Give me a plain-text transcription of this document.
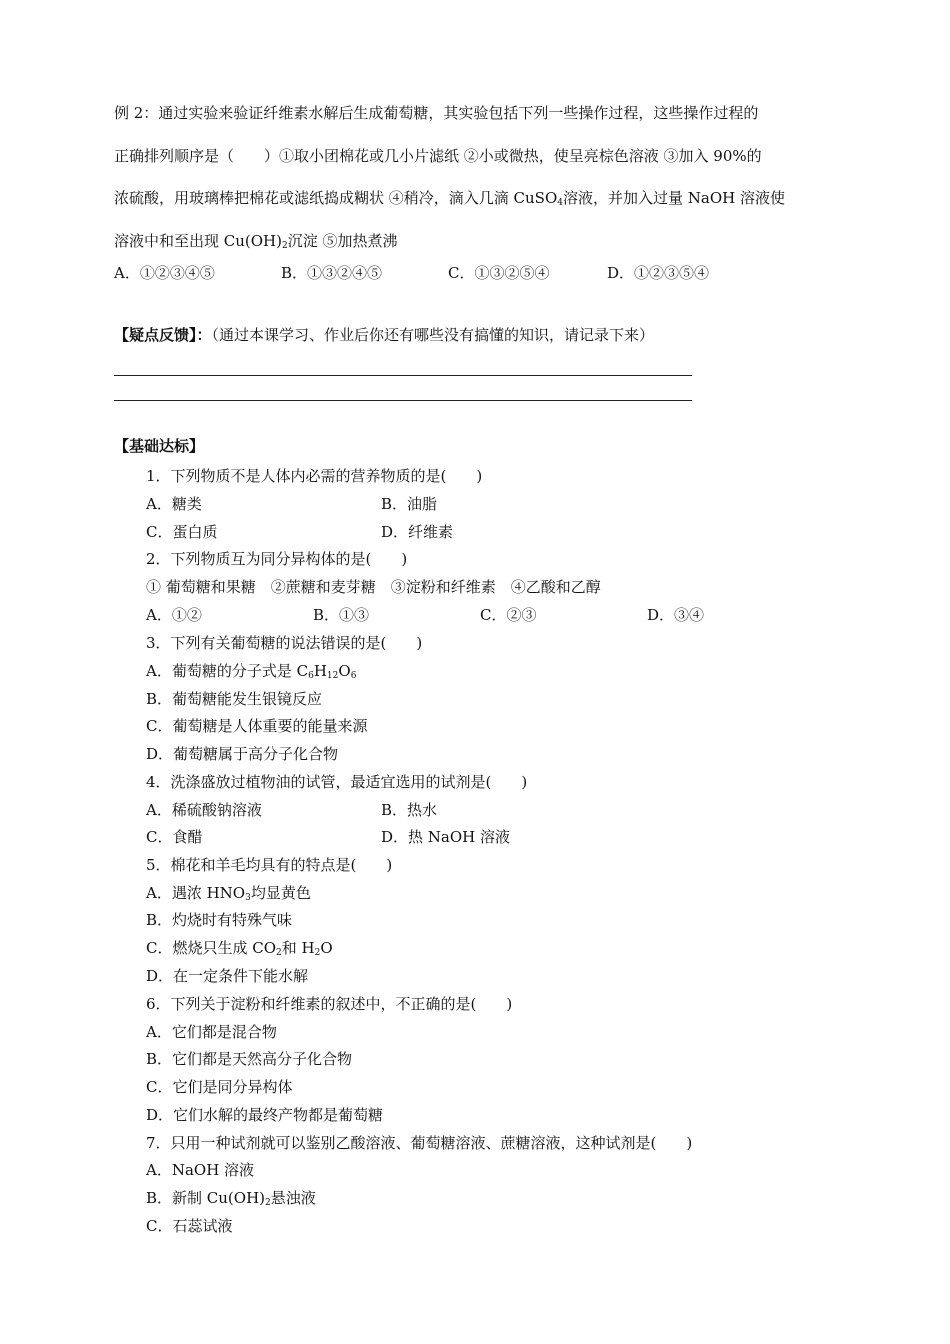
例 2：通过实验来验证纤维素水解后生成葡萄糖，其实验包括下列一些操作过程，这些操作过程的
正确排列顺序是（　　）①取小团棉花或几小片滤纸 ②小或微热，使呈亮棕色溶液 ③加入 90%的
浓硫酸，用玻璃棒把棉花或滤纸捣成糊状 ④稍冷，滴入几滴 CuSO$_4$溶液，并加入过量 NaOH 溶液使
溶液中和至出现 $Cu(OH)_2$沉淀 ⑤加热煮沸
A．①②③④⑤	B．①③②④⑤	C．①③②⑤④	D．①②③⑤④
【疑点反馈】：（通过本课学习、作业后你还有哪些没有搞懂的知识，请记录下来）
【基础达标】
1．下列物质不是人体内必需的营养物质的是(　　)
A．糖类	B．油脂
C．蛋白质	D．纤维素
2．下列物质互为同分异构体的是(　　)
① 葡萄糖和果糖　②蔗糖和麦芽糖　③淀粉和纤维素　④乙酸和乙醇
A．①②	B．①③	C．②③	D．③④
3．下列有关葡萄糖的说法错误的是(　　)
A．葡萄糖的分子式是 $C_6H_{12}O_6$
B．葡萄糖能发生银镜反应
C．葡萄糖是人体重要的能量来源
D．葡萄糖属于高分子化合物
4．洗涤盛放过植物油的试管，最适宜选用的试剂是(　　)
A．稀硫酸钠溶液	B．热水
C．食醋	D．热 NaOH 溶液
5．棉花和羊毛均具有的特点是(　　)
A．遇浓 $HNO_3$均显黄色
B．灼烧时有特殊气味
C．燃烧只生成 $CO_2$和 $H_2O$
D．在一定条件下能水解
6．下列关于淀粉和纤维素的叙述中，不正确的是(　　)
A．它们都是混合物
B．它们都是天然高分子化合物
C．它们是同分异构体
D．它们水解的最终产物都是葡萄糖
7．只用一种试剂就可以鉴别乙酸溶液、葡萄糖溶液、蔗糖溶液，这种试剂是(　　)
A．NaOH 溶液
B．新制 $Cu(OH)_2$悬浊液
C．石蕊试液
